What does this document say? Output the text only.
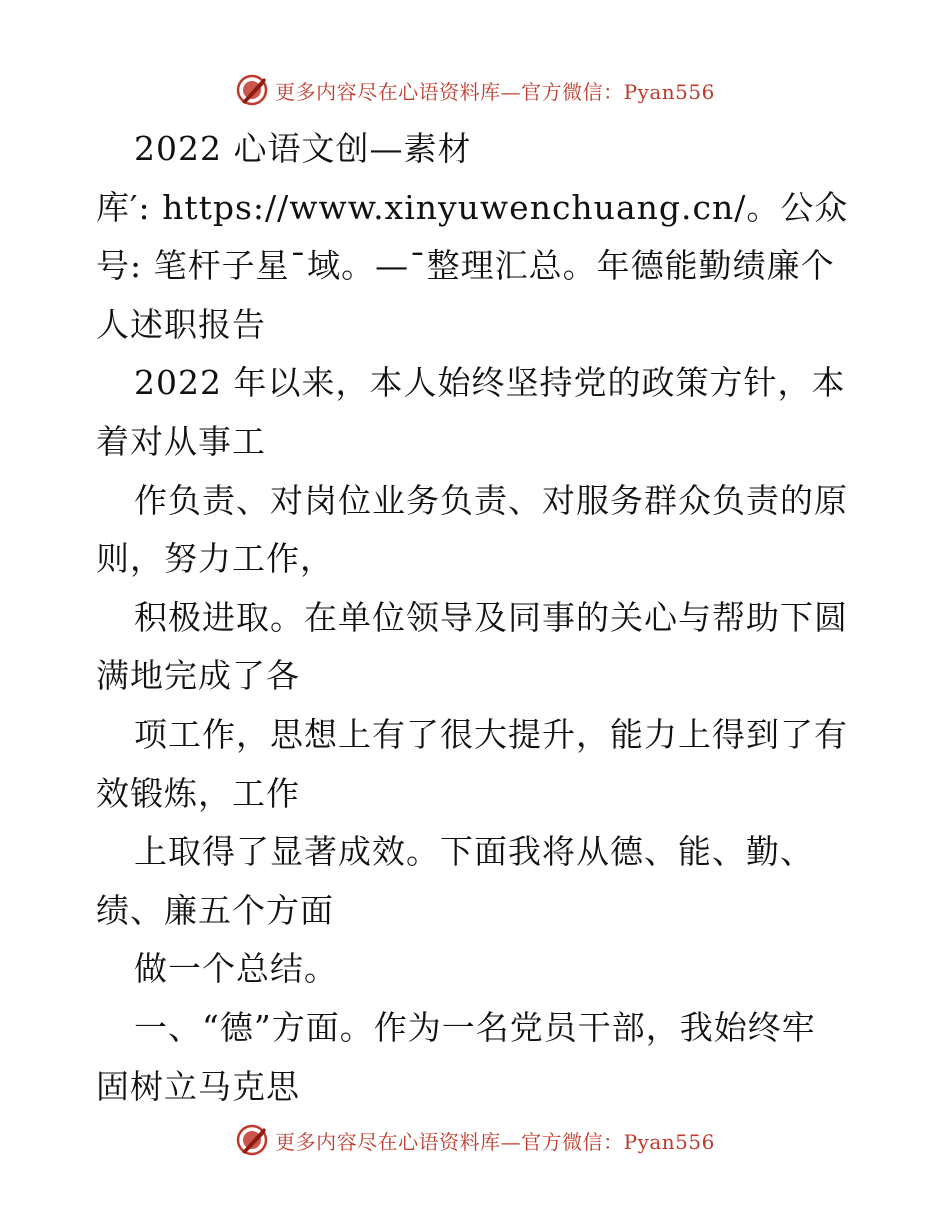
更多内容尽在心语资料库—官方微信：Pyan556
2022 心语文创—素材
库′: https://www.xinyuwenchuang.cn/。公众
号: 笔杆子星¯域。—¯整理汇总。年德能勤绩廉个
人述职报告
2022 年以来，本人始终坚持党的政策方针，本
着对从事工
作负责、对岗位业务负责、对服务群众负责的原
则，努力工作，
积极进取。在单位领导及同事的关心与帮助下圆
满地完成了各
项工作，思想上有了很大提升，能力上得到了有
效锻炼，工作
上取得了显著成效。下面我将从德、能、勤、
绩、廉五个方面
做一个总结。
一、“德”方面。作为一名党员干部，我始终牢
固树立马克思
更多内容尽在心语资料库—官方微信：Pyan556
